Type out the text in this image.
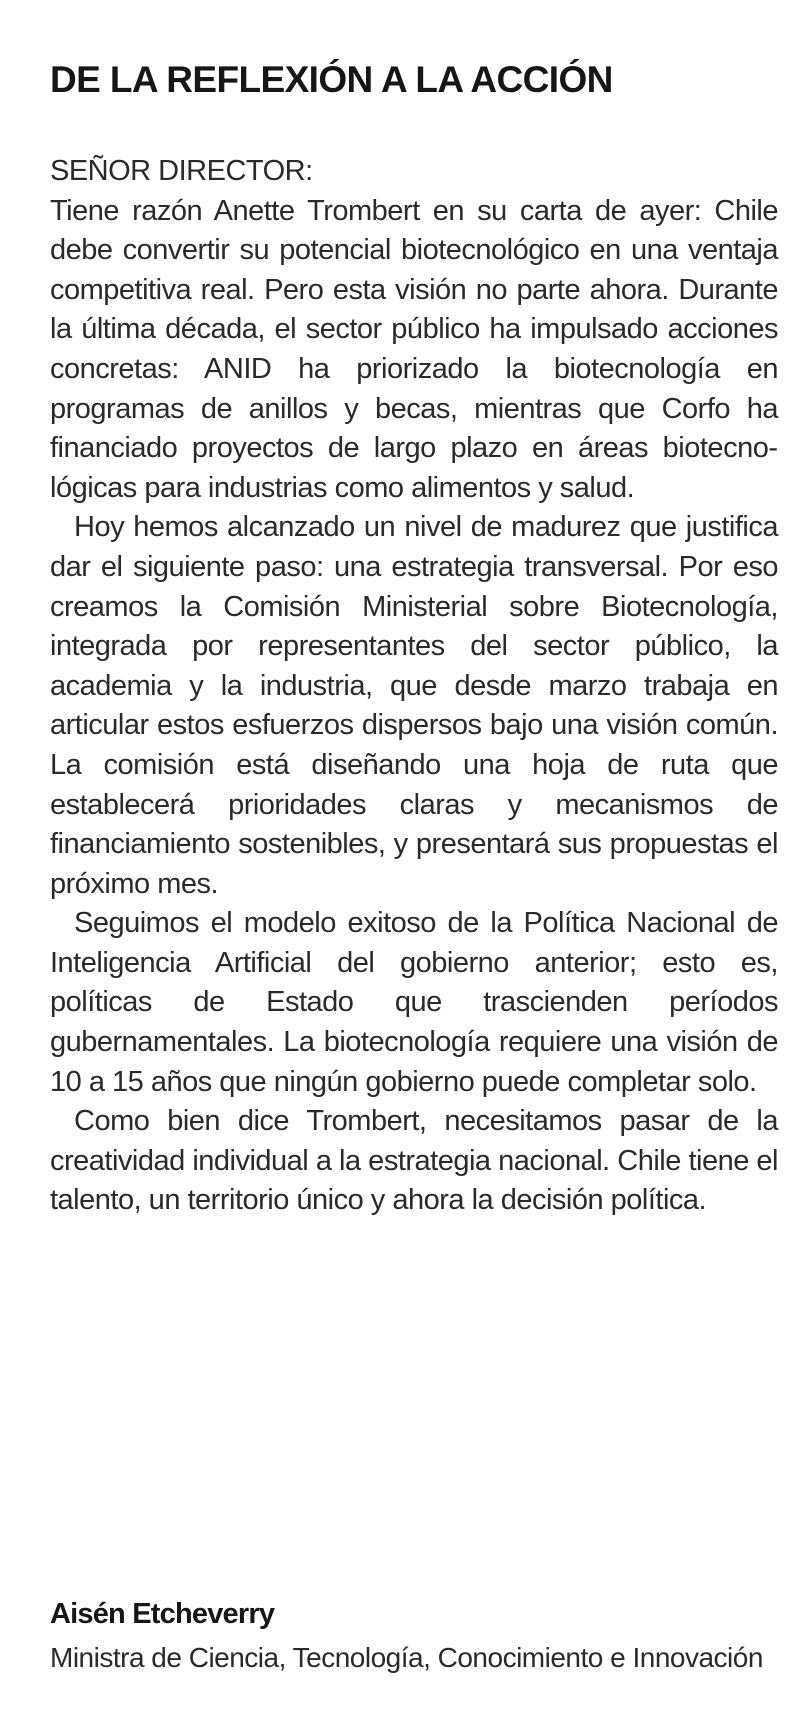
DE LA REFLEXIÓN A LA ACCIÓN

SEÑOR DIRECTOR:

Tiene razón Anette Trombert en su carta de ayer: Chile debe convertir su potencial biotecnológico en una ventaja competitiva real. Pero esta visión no parte ahora. Durante la última década, el sector público ha impulsado acciones concretas: ANID ha priorizado la biotecnología en programas de anillos y becas, mientras que Corfo ha financiado proyectos de largo plazo en áreas biotecnológicas para industrias como alimentos y salud.

Hoy hemos alcanzado un nivel de madurez que justifica dar el siguiente paso: una estrategia transversal. Por eso creamos la Comisión Ministerial sobre Biotecnología, integrada por representantes del sector público, la academia y la industria, que desde marzo trabaja en articular estos esfuerzos dispersos bajo una visión común. La comisión está diseñando una hoja de ruta que establecerá prioridades claras y mecanismos de financiamiento sostenibles, y presentará sus propuestas el próximo mes.

Seguimos el modelo exitoso de la Política Nacional de Inteligencia Artificial del gobierno anterior; esto es, políticas de Estado que trascienden períodos gubernamentales. La biotecnología requiere una visión de 10 a 15 años que ningún gobierno puede completar solo.

Como bien dice Trombert, necesitamos pasar de la creatividad individual a la estrategia nacional. Chile tiene el talento, un territorio único y ahora la decisión política.

Aisén Etcheverry

Ministra de Ciencia, Tecnología, Conocimiento e Innovación
